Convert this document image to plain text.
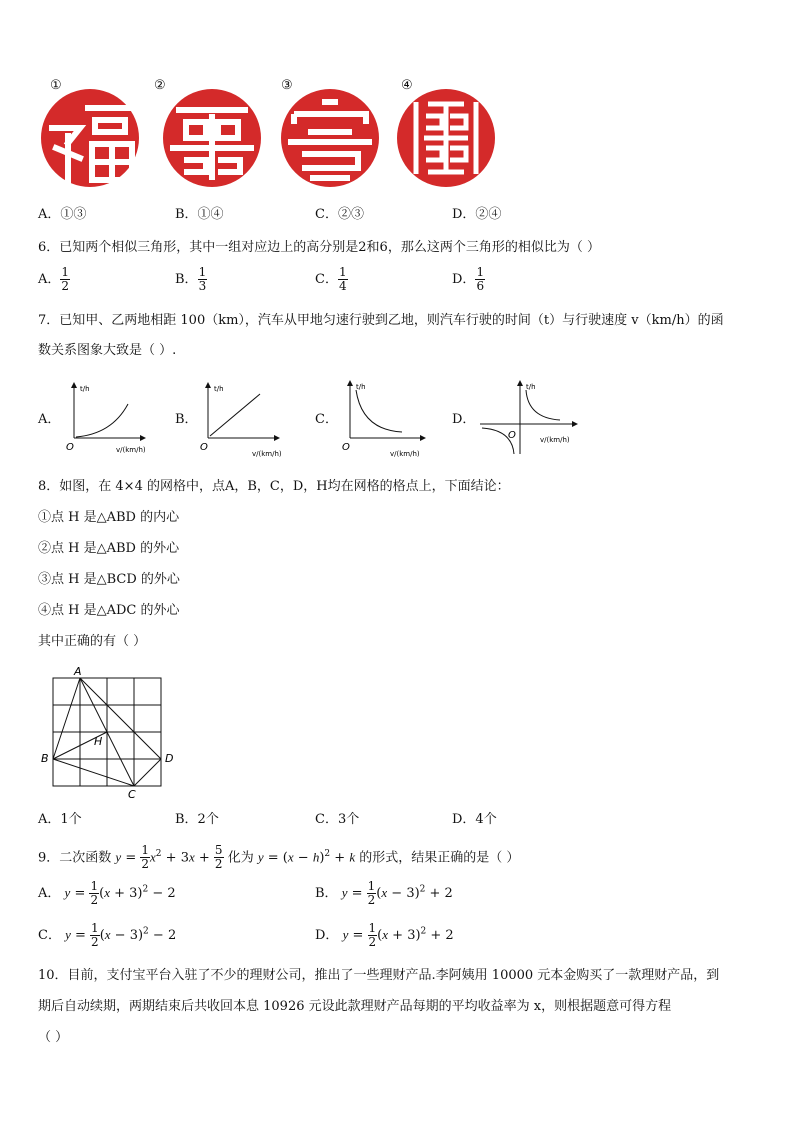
①	②	③	④
A．①③	B．①④	C．②③	D．②④
6．已知两个相似三角形，其中一组对应边上的高分别是2和6，那么这两个三角形的相似比为（ ）
A． $\frac{1}{2}$	B． $\frac{1}{3}$	C． $\frac{1}{4}$	D． $\frac{1}{6}$
7．已知甲、乙两地相距 100（km），汽车从甲地匀速行驶到乙地，则汽车行驶的时间（t）与行驶速度 v（km/h）的函
数关系图象大致是（ ）.
A．	B．	C．	D．
t/h
O	v/(km/h)
t/h
O
v/(km/h)
t/h
O
v/(km/h)
t/h
O	v/(km/h)
8．如图，在 4×4 的网格中，点A，B，C，D，H均在网格的格点上，下面结论：
①点 H 是△ABD 的内心
②点 H 是△ABD 的外心
③点 H 是△BCD 的外心
④点 H 是△ADC 的外心
其中正确的有（ ）
A
B
C
D
H
A．1个	B．2个	C．3个	D．4个
9．二次函数 $y = \frac{1}{2} x^2 + 3x + \frac{5}{2}$ 化为 $y = (x - h)^2 + k$ 的形式，结果正确的是（ ）
A． $y = \frac{1}{2} (x + 3)^2 - 2$	B． $y = \frac{1}{2} (x - 3)^2 + 2$
C． $y = \frac{1}{2} (x - 3)^2 - 2$	D． $y = \frac{1}{2} (x + 3)^2 + 2$
10．目前，支付宝平台入驻了不少的理财公司，推出了一些理财产品.李阿姨用 10000 元本金购买了一款理财产品，到
期后自动续期，两期结束后共收回本息 10926 元设此款理财产品每期的平均收益率为 x，则根据题意可得方程
（ ）
